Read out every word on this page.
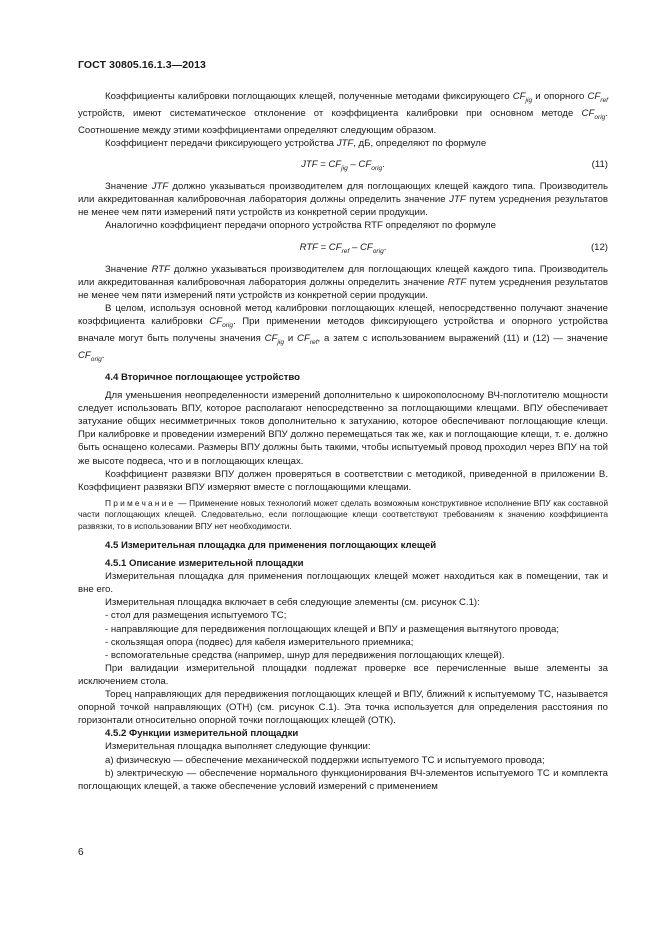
ГОСТ 30805.16.1.3—2013

Коэффициенты калибровки поглощающих клещей, полученные методами фиксирующего $CF_{jig}$ и опорного $CF_{ref}$ устройств, имеют систематическое отклонение от коэффициента калибровки при основном методе $CF_{orig}$. Соотношение между этими коэффициентами определяют следующим образом.

Коэффициент передачи фиксирующего устройства JTF, дБ, определяют по формуле

JTF = $CF_{jig} - CF_{orig}$.	(11)

Значение JTF должно указываться производителем для поглощающих клещей каждого типа. Производитель или аккредитованная калибровочная лаборатория должны определить значение JTF путем усреднения результатов не менее чем пяти измерений пяти устройств из конкретной серии продукции.

Аналогично коэффициент передачи опорного устройства RTF определяют по формуле

RTF = $CF_{ref} - CF_{orig}$.	(12)

Значение RTF должно указываться производителем для поглощающих клещей каждого типа. Производитель или аккредитованная калибровочная лаборатория должны определить значение RTF путем усреднения результатов не менее чем пяти измерений пяти устройств из конкретной серии продукции.

В целом, используя основной метод калибровки поглощающих клещей, непосредственно получают значение коэффициента калибровки $CF_{orig}$. При применении методов фиксирующего устройства и опорного устройства вначале могут быть получены значения $CF_{jig}$ и $CF_{ref}$, а затем с использованием выражений (11) и (12) — значение $CF_{orig}$.

4.4 Вторичное поглощающее устройство

Для уменьшения неопределенности измерений дополнительно к широкополосному ВЧ-поглотителю мощности следует использовать ВПУ, которое располагают непосредственно за поглощающими клещами. ВПУ обеспечивает затухание общих несимметричных токов дополнительно к затуханию, которое обеспечивают поглощающие клещи. При калибровке и проведении измерений ВПУ должно перемещаться так же, как и поглощающие клещи, т. е. должно быть оснащено колесами. Размеры ВПУ должны быть такими, чтобы испытуемый провод проходил через ВПУ на той же высоте подвеса, что и в поглощающих клещах.

Коэффициент развязки ВПУ должен проверяться в соответствии с методикой, приведенной в приложении В. Коэффициент развязки ВПУ измеряют вместе с поглощающими клещами.

Примечание — Применение новых технологий может сделать возможным конструктивное исполнение ВПУ как составной части поглощающих клещей. Следовательно, если поглощающие клещи соответствуют требованиям к значению коэффициента развязки, то в использовании ВПУ нет необходимости.

4.5 Измерительная площадка для применения поглощающих клещей

4.5.1 Описание измерительной площадки

Измерительная площадка для применения поглощающих клещей может находиться как в помещении, так и вне его.

Измерительная площадка включает в себя следующие элементы (см. рисунок С.1):

- стол для размещения испытуемого ТС;

- направляющие для передвижения поглощающих клещей и ВПУ и размещения вытянутого провода;

- скользящая опора (подвес) для кабеля измерительного приемника;

- вспомогательные средства (например, шнур для передвижения поглощающих клещей).

При валидации измерительной площадки подлежат проверке все перечисленные выше элементы за исключением стола.

Торец направляющих для передвижения поглощающих клещей и ВПУ, ближний к испытуемому ТС, называется опорной точкой направляющих (ОТН) (см. рисунок С.1). Эта точка используется для определения расстояния по горизонтали относительно опорной точки поглощающих клещей (ОТК).

4.5.2 Функции измерительной площадки

Измерительная площадка выполняет следующие функции:

а) физическую — обеспечение механической поддержки испытуемого ТС и испытуемого провода;

b) электрическую — обеспечение нормального функционирования ВЧ-элементов испытуемого ТС и комплекта поглощающих клещей, а также обеспечение условий измерений с применением

6
